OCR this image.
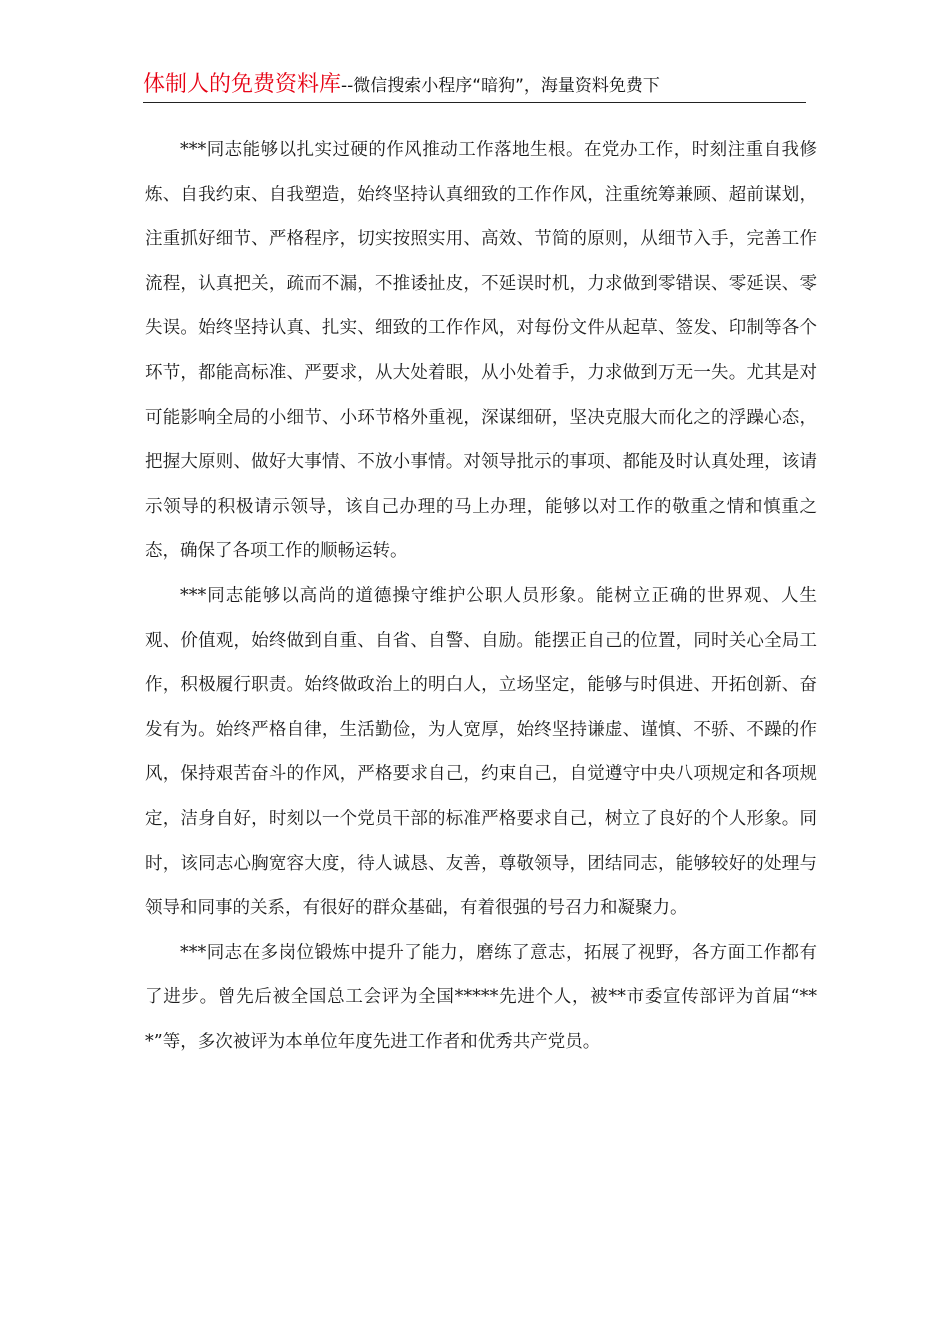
体制人的免费资料库--微信搜索小程序“暗狗”，海量资料免费下

***同志能够以扎实过硬的作风推动工作落地生根。在党办工作，时刻注重自我修炼、自我约束、自我塑造，始终坚持认真细致的工作作风，注重统筹兼顾、超前谋划，注重抓好细节、严格程序，切实按照实用、高效、节简的原则，从细节入手，完善工作流程，认真把关，疏而不漏，不推诿扯皮，不延误时机，力求做到零错误、零延误、零失误。始终坚持认真、扎实、细致的工作作风，对每份文件从起草、签发、印制等各个环节，都能高标准、严要求，从大处着眼，从小处着手，力求做到万无一失。尤其是对可能影响全局的小细节、小环节格外重视，深谋细研，坚决克服大而化之的浮躁心态，把握大原则、做好大事情、不放小事情。对领导批示的事项、都能及时认真处理，该请示领导的积极请示领导，该自己办理的马上办理，能够以对工作的敬重之情和慎重之态，确保了各项工作的顺畅运转。

***同志能够以高尚的道德操守维护公职人员形象。能树立正确的世界观、人生观、价值观，始终做到自重、自省、自警、自励。能摆正自己的位置，同时关心全局工作，积极履行职责。始终做政治上的明白人，立场坚定，能够与时俱进、开拓创新、奋发有为。始终严格自律，生活勤俭，为人宽厚，始终坚持谦虚、谨慎、不骄、不躁的作风，保持艰苦奋斗的作风，严格要求自己，约束自己，自觉遵守中央八项规定和各项规定，洁身自好，时刻以一个党员干部的标准严格要求自己，树立了良好的个人形象。同时，该同志心胸宽容大度，待人诚恳、友善，尊敬领导，团结同志，能够较好的处理与领导和同事的关系，有很好的群众基础，有着很强的号召力和凝聚力。

***同志在多岗位锻炼中提升了能力，磨练了意志，拓展了视野，各方面工作都有了进步。曾先后被全国总工会评为全国*****先进个人，被**市委宣传部评为首届“***”等，多次被评为本单位年度先进工作者和优秀共产党员。
